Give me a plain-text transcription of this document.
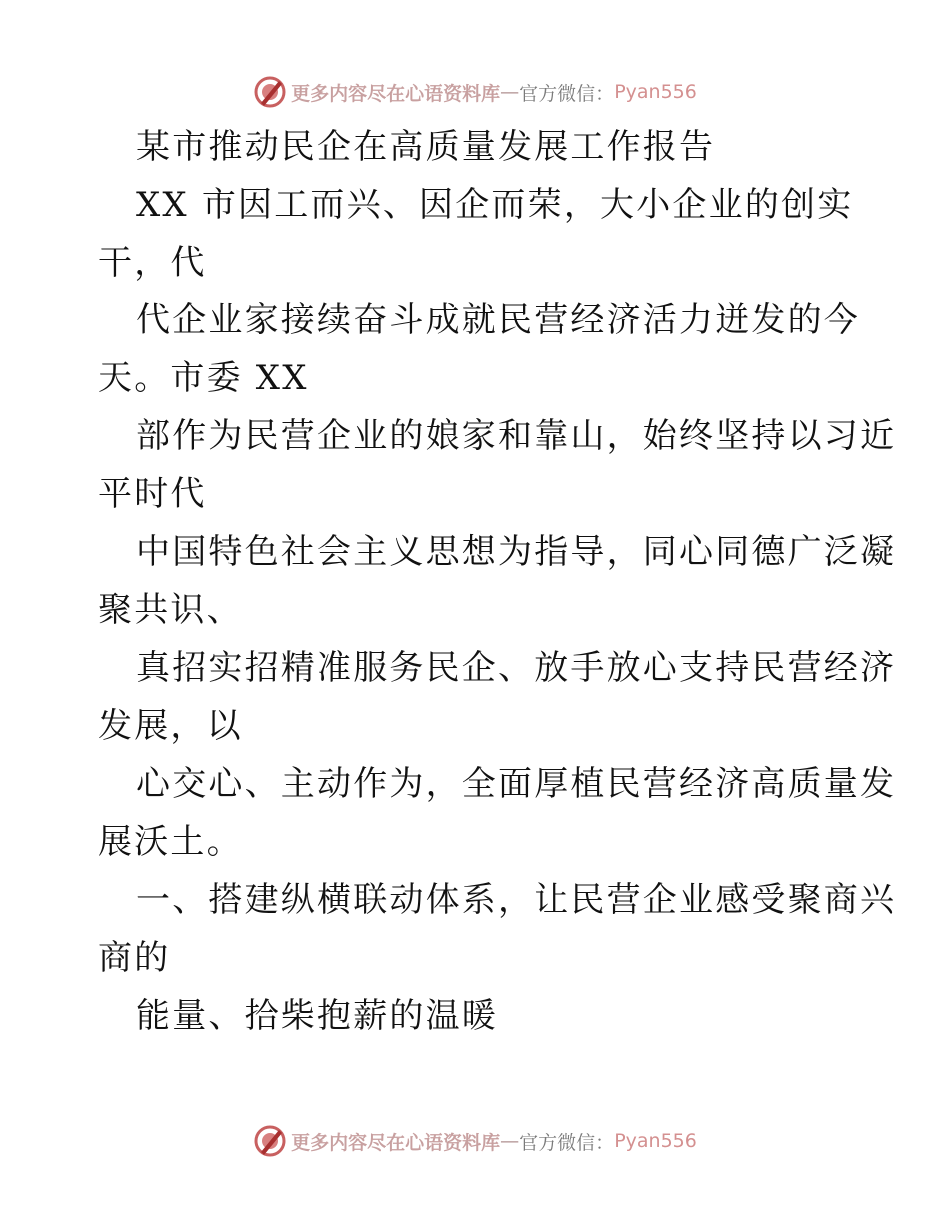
更多内容尽在心语资料库 — 官方微信： Pyan556
某市推动民企在高质量发展工作报告
XX 市因工而兴、因企而荣，大小企业的创实
干，代
代企业家接续奋斗成就民营经济活力迸发的今
天。市委 XX
部作为民营企业的娘家和靠山，始终坚持以习近
平时代
中国特色社会主义思想为指导，同心同德广泛凝
聚共识、
真招实招精准服务民企、放手放心支持民营经济
发展，以
心交心、主动作为，全面厚植民营经济高质量发
展沃土。
一、搭建纵横联动体系，让民营企业感受聚商兴
商的
能量、拾柴抱薪的温暖
更多内容尽在心语资料库 — 官方微信： Pyan556
